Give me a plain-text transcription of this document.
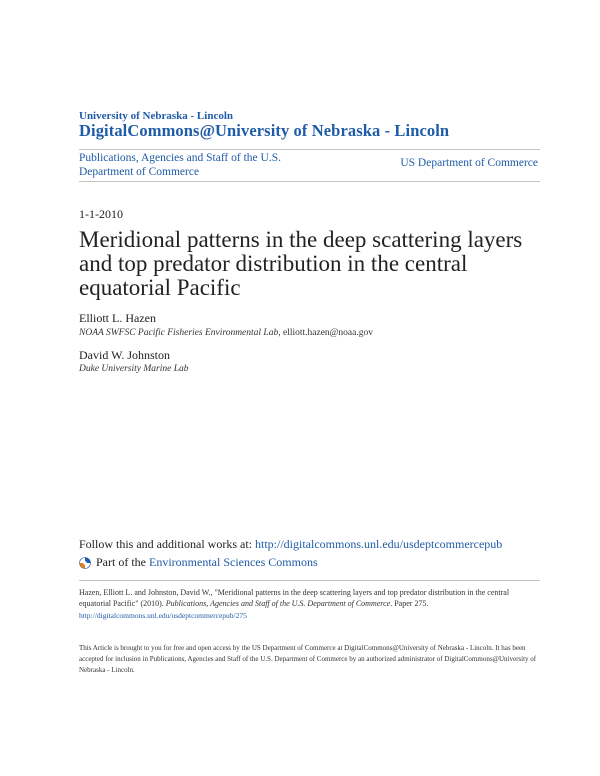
University of Nebraska - Lincoln
DigitalCommons@University of Nebraska - Lincoln
Publications, Agencies and Staff of the U.S. Department of Commerce
US Department of Commerce
1-1-2010
Meridional patterns in the deep scattering layers and top predator distribution in the central equatorial Pacific
Elliott L. Hazen
NOAA SWFSC Pacific Fisheries Environmental Lab, elliott.hazen@noaa.gov
David W. Johnston
Duke University Marine Lab
Follow this and additional works at: http://digitalcommons.unl.edu/usdeptcommercepub
Part of the
Environmental Sciences Commons
Hazen, Elliott L. and Johnston, David W., "Meridional patterns in the deep scattering layers and top predator distribution in the central equatorial Pacific" (2010). Publications, Agencies and Staff of the U.S. Department of Commerce. Paper 275.
http://digitalcommons.unl.edu/usdeptcommercepub/275
This Article is brought to you for free and open access by the US Department of Commerce at DigitalCommons@University of Nebraska - Lincoln. It has been accepted for inclusion in Publications, Agencies and Staff of the U.S. Department of Commerce by an authorized administrator of DigitalCommons@University of Nebraska - Lincoln.
